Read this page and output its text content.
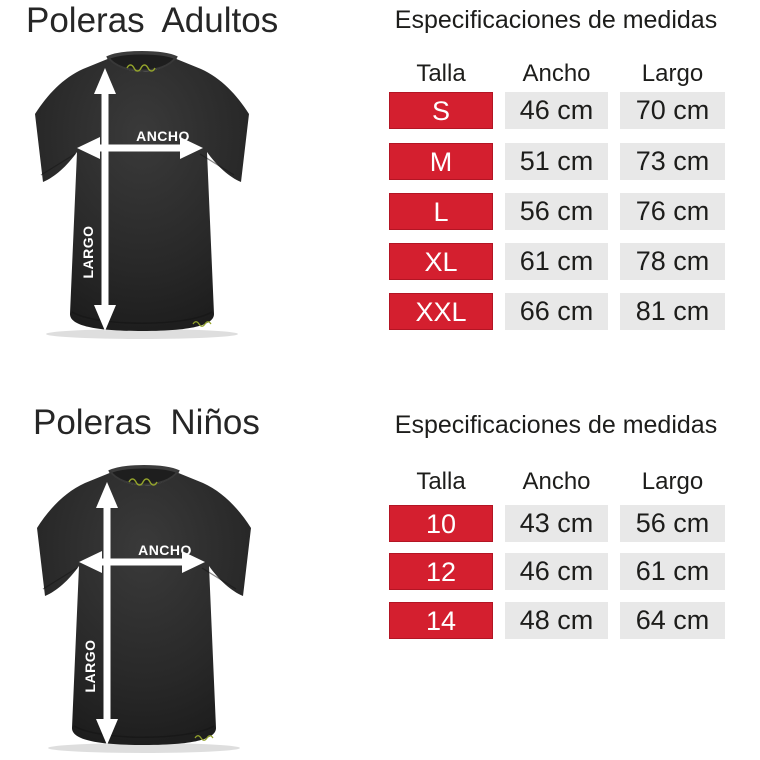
Poleras Adultos
ANCHO
LARGO
Especificaciones de medidas
Talla	Ancho	Largo
S	46 cm	70 cm
M	51 cm	73 cm
L	56 cm	76 cm
XL	61 cm	78 cm
XXL	66 cm	81 cm
Poleras Niños
ANCHO
LARGO
Especificaciones de medidas
Talla	Ancho	Largo
10	43 cm	56 cm
12	46 cm	61 cm
14	48 cm	64 cm
